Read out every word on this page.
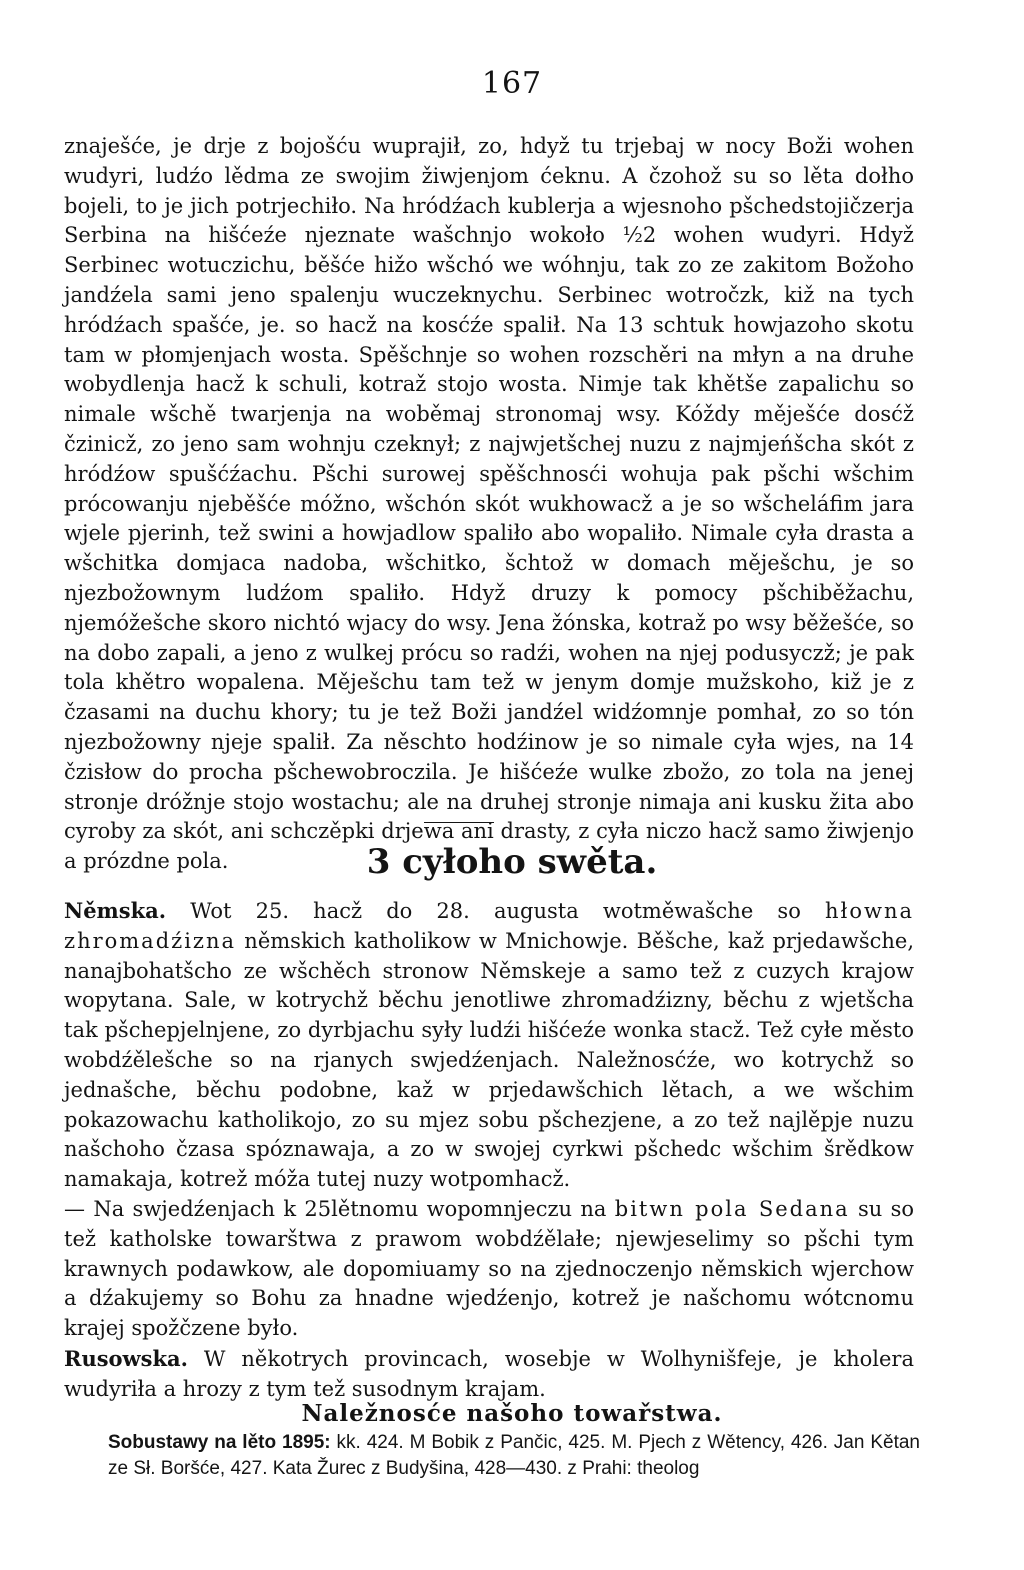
167

znaješće, je drje z bojošću wuprajił, zo, hdyž tu trjebaj w nocy Boži wohen wudyri, ludźo lědma ze swojim žiwjenjom ćeknu. A čzohož su so lěta dołho bojeli, to je jich potrjechiło. Na hródźach kublerja a wjesnoho pšchedstojičzerja Serbina na hišćeźe njeznate wašchnjo wokoło ½2 wohen wudyri. Hdyž Serbinec wotuczichu, běšće hižo wšchó we wóhnju, tak zo ze zakitom Božoho jandźela sami jeno spalenju wuczeknychu. Serbinec wotročzk, kiž na tych hródźach spašće, je. so hacž na kosćźe spalił. Na 13 schtuk howjazoho skotu tam w płomjenjach wosta. Spěšchnje so wohen rozschěri na młyn a na druhe wobydlenja hacž k schuli, kotraž stojo wosta. Nimje tak khětše zapalichu so nimale wšchě twarjenja na woběmaj stronomaj wsy. Kóždy měješće dosćž čzinicž, zo jeno sam wohnju czeknył; z najwjetšchej nuzu z najmjeńšcha skót z hródźow spušćźachu. Pšchi surowej spěšchnosći wohuja pak pšchi wšchim prócowanju njeběšće móžno, wšchón skót wukhowacž a je so wšcheláfim jara wjele pjerinh, tež swini a howjadlow spaliło abo wopaliło. Nimale cyła drasta a wšchitka domjaca nadoba, wšchitko, šchtož w domach měješchu, je so njezbožownym ludźom spaliło. Hdyž druzy k pomocy pšchiběžachu, njemóžešche skoro nichtó wjacy do wsy. Jena žónska, kotraž po wsy běžešće, so na dobo zapali, a jeno z wulkej prócu so radźi, wohen na njej podusyczž; je pak tola khětro wopalena. Měješchu tam tež w jenym domje mužskoho, kiž je z čzasami na duchu khory; tu je tež Boži jandźel widźomnje pomhał, zo so tón njezbožowny njeje spalił. Za něschto hodźinow je so nimale cyła wjes, na 14 čzisłow do procha pšchewobroczila. Je hišćeźe wulke zbožo, zo tola na jenej stronje dróžnje stojo wostachu; ale na druhej stronje nimaja ani kusku žita abo cyroby za skót, ani schczěpki drjewa ani drasty, z cyła niczo hacž samo žiwjenjo a prózdne pola.	3 cyłoho swěta.

Němska. Wot 25. hacž do 28. augusta wotměwašche so hłowna zhromadźizna němskich katholikow w Mnichowje. Běšche, kaž prjedawšche, nanajbohatšcho ze wšchěch stronow Němskeje a samo tež z cuzych krajow wopytana. Sale, w kotrychž běchu jenotliwe zhromadźizny, běchu z wjetšcha tak pšchepjelnjene, zo dyrbjachu syły ludźi hišćeźe wonka stacž. Tež cyłe město wobdźělešche so na rjanych swjedźenjach. Naležnosćźe, wo kotrychž so jednašche, běchu podobne, kaž w prjedawšchich lětach, a we wšchim pokazowachu katholikojo, zo su mjez sobu pšchezjene, a zo tež najlěpje nuzu našchoho čzasa spóznawaja, a zo w swojej cyrkwi pšchedc wšchim šrědkow namakaja, kotrež móža tutej nuzy wotpomhacž.

— Na swjedźenjach k 25lětnomu wopomnjeczu na bitwn pola Sedana su so tež katholske towarštwa z prawom wobdźělałe; njewjeselimy so pšchi tym krawnych podawkow, ale dopomiuamy so na zjednoczenjo němskich wjerchow a dźakujemy so Bohu za hnadne wjedźenjo, kotrež je našchomu wótcnomu krajej spožčzene było.

Rusowska. W někotrych provincach, wosebje w Wolhynišfeje, je kholera wudyriła a hrozy z tym tež susodnym krajam.

Naležnosće našoho towařstwa.
Sobustawy na lěto 1895: kk. 424. M Bobik z Pančic, 425. M. Pjech z Wětency, 426. Jan Kětan ze Sł. Boršće, 427. Kata Žurec z Budyšina, 428—430. z Prahi: theolog
